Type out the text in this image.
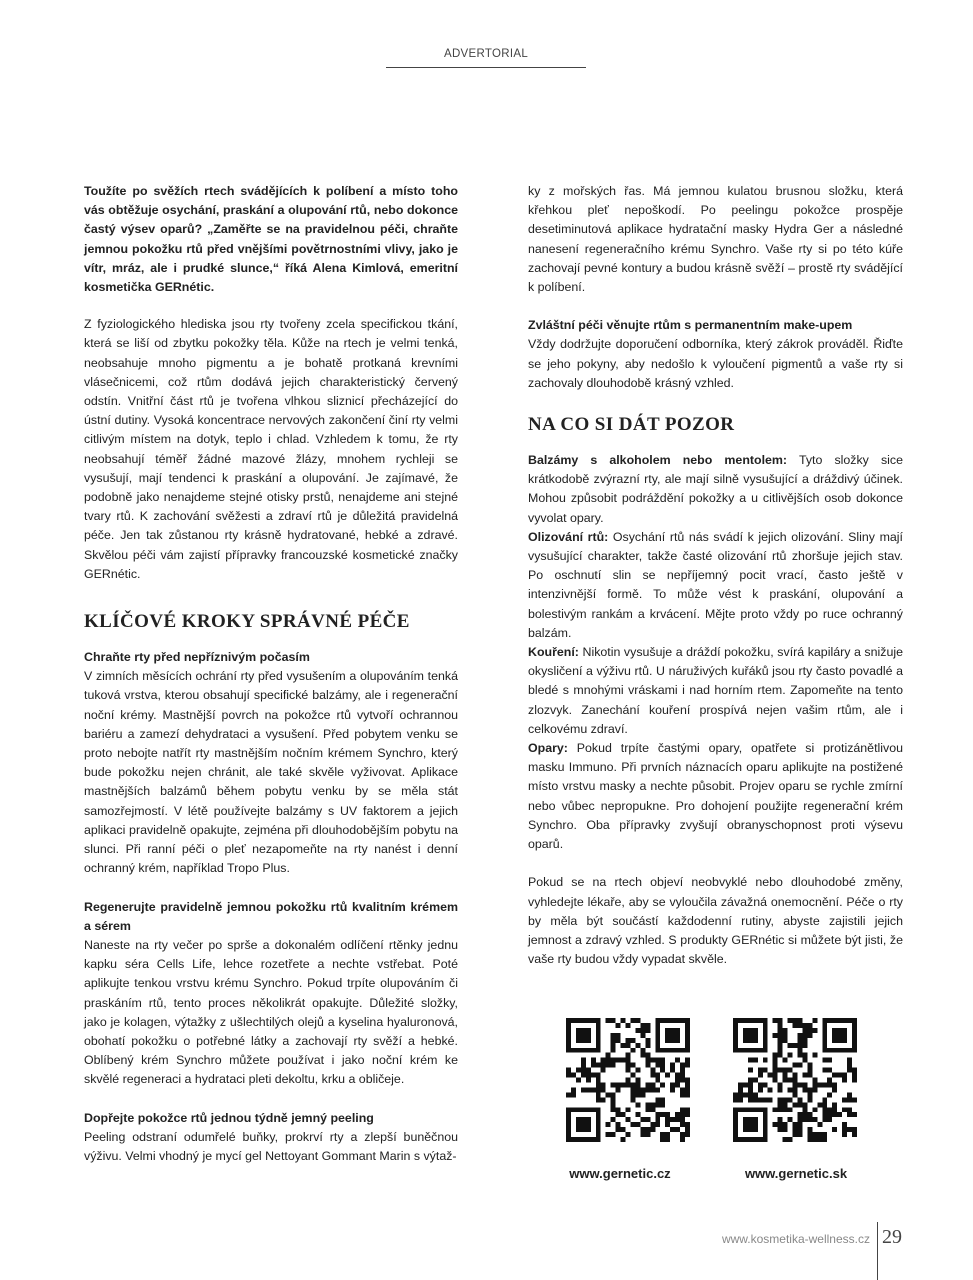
ADVERTORIAL

Toužíte po svěžích rtech svádějících k políbení a místo toho vás obtěžuje osychání, praskání a olupování rtů, nebo dokonce častý výsev oparů? „Zaměřte se na pravidelnou péči, chraňte jemnou pokožku rtů před vnějšími povětrnostními vlivy, jako je vítr, mráz, ale i prudké slunce,“ říká Alena Kimlová, emeritní kosmetička GERnétic.

Z fyziologického hlediska jsou rty tvořeny zcela specifickou tkání, která se liší od zbytku pokožky těla. Kůže na rtech je velmi tenká, neobsahuje mnoho pigmentu a je bohatě protkaná krevními vlásečnicemi, což rtům dodává jejich charakteristický červený odstín. Vnitřní část rtů je tvořena vlhkou sliznicí přecházející do ústní dutiny. Vysoká koncentrace nervových zakončení činí rty velmi citlivým místem na dotyk, teplo i chlad. Vzhledem k tomu, že rty neobsahují téměř žádné mazové žlázy, mnohem rychleji se vysušují, mají tendenci k praskání a olupování. Je zajímavé, že podobně jako nenajdeme stejné otisky prstů, nenajdeme ani stejné tvary rtů. K zachování svěžesti a zdraví rtů je důležitá pravidelná péče. Jen tak zůstanou rty krásně hydratované, hebké a zdravé. Skvělou péči vám zajistí přípravky francouzské kosmetické značky GERnétic.

KLÍČOVÉ KROKY SPRÁVNÉ PÉČE

Chraňte rty před nepříznivým počasím

V zimních měsících ochrání rty před vysušením a olupováním tenká tuková vrstva, kterou obsahují specifické balzámy, ale i regenerační noční krémy. Mastnější povrch na pokožce rtů vytvoří ochrannou bariéru a zamezí dehydrataci a vysušení. Před pobytem venku se proto nebojte natřít rty mastnějším nočním krémem Synchro, který bude pokožku nejen chránit, ale také skvěle vyživovat. Aplikace mastnějších balzámů během pobytu venku by se měla stát samozřejmostí. V létě používejte balzámy s UV faktorem a jejich aplikaci pravidelně opakujte, zejména při dlouhodobějším pobytu na slunci. Při ranní péči o pleť nezapomeňte na rty nanést i denní ochranný krém, například Tropo Plus.

Regenerujte pravidelně jemnou pokožku rtů kvalitním krémem a sérem

Naneste na rty večer po sprše a dokonalém odlíčení rtěnky jednu kapku séra Cells Life, lehce rozetřete a nechte vstřebat. Poté aplikujte tenkou vrstvu krému Synchro. Pokud trpíte olupováním či praskáním rtů, tento proces několikrát opakujte. Důležité složky, jako je kolagen, výtažky z ušlechtilých olejů a kyselina hyaluronová, obohatí pokožku o potřebné látky a zachovají rty svěží a hebké. Oblíbený krém Synchro můžete používat i jako noční krém ke skvělé regeneraci a hydrataci pleti dekoltu, krku a obličeje.

Dopřejte pokožce rtů jednou týdně jemný peeling

Peeling odstraní odumřelé buňky, prokrví rty a zlepší buněčnou výživu. Velmi vhodný je mycí gel Nettoyant Gommant Marin s výtaž-

ky z mořských řas. Má jemnou kulatou brusnou složku, která křehkou pleť nepoškodí. Po peelingu pokožce prospěje desetiminutová aplikace hydratační masky Hydra Ger a následné nanesení regeneračního krému Synchro. Vaše rty si po této kúře zachovají pevné kontury a budou krásně svěží – prostě rty svádějící k políbení.

Zvláštní péči věnujte rtům s permanentním make-upem

Vždy dodržujte doporučení odborníka, který zákrok prováděl. Řiďte se jeho pokyny, aby nedošlo k vyloučení pigmentů a vaše rty si zachovaly dlouhodobě krásný vzhled.

NA CO SI DÁT POZOR

Balzámy s alkoholem nebo mentolem: Tyto složky sice krátkodobě zvýrazní rty, ale mají silně vysušující a dráždivý účinek. Mohou způsobit podráždění pokožky a u citlivějších osob dokonce vyvolat opary.

Olizování rtů: Osychání rtů nás svádí k jejich olizování. Sliny mají vysušující charakter, takže časté olizování rtů zhoršuje jejich stav. Po oschnutí slin se nepříjemný pocit vrací, často ještě v intenzivnější formě. To může vést k praskání, olupování a bolestivým rankám a krvácení. Mějte proto vždy po ruce ochranný balzám.

Kouření: Nikotin vysušuje a dráždí pokožku, svírá kapiláry a snižuje okysličení a výživu rtů. U náruživých kuřáků jsou rty často povadlé a bledé s mnohými vráskami i nad horním rtem. Zapomeňte na tento zlozvyk. Zanechání kouření prospívá nejen vašim rtům, ale i celkovému zdraví.

Opary: Pokud trpíte častými opary, opatřete si protizánětlivou masku Immuno. Při prvních náznacích oparu aplikujte na postižené místo vrstvu masky a nechte působit. Projev oparu se rychle zmírní nebo vůbec nepropukne. Pro dohojení použijte regenerační krém Synchro. Oba přípravky zvyšují obranyschopnost proti výsevu oparů.

Pokud se na rtech objeví neobvyklé nebo dlouhodobé změny, vyhledejte lékaře, aby se vyloučila závažná onemocnění. Péče o rty by měla být součástí každodenní rutiny, abyste zajistili jejich jemnost a zdravý vzhled. S produkty GERnétic si můžete být jisti, že vaše rty budou vždy vypadat skvěle.

www.gernetic.cz	www.gernetic.sk
www.kosmetika-wellness.cz 29
